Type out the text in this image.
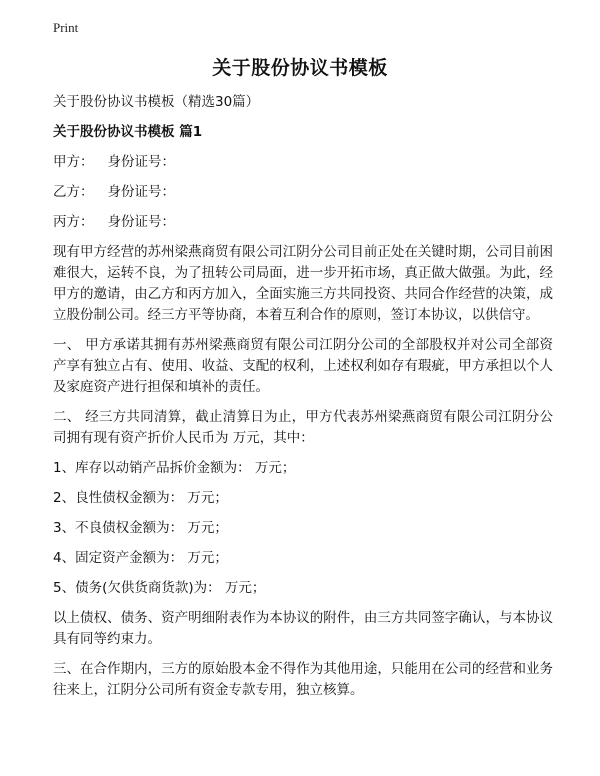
Print
关于股份协议书模板

关于股份协议书模板（精选30篇）

关于股份协议书模板 篇1

甲方： 身份证号：

乙方： 身份证号：

丙方： 身份证号：

现有甲方经营的苏州梁燕商贸有限公司江阴分公司目前正处在关键时期，公司目前困难很大，运转不良，为了扭转公司局面，进一步开拓市场，真正做大做强。为此，经甲方的邀请，由乙方和丙方加入，全面实施三方共同投资、共同合作经营的决策，成立股份制公司。经三方平等协商，本着互利合作的原则，签订本协议，以供信守。

一、 甲方承诺其拥有苏州梁燕商贸有限公司江阴分公司的全部股权并对公司全部资产享有独立占有、使用、收益、支配的权利，上述权利如存有瑕疵，甲方承担以个人及家庭资产进行担保和填补的责任。

二、 经三方共同清算，截止清算日为止，甲方代表苏州梁燕商贸有限公司江阴分公司拥有现有资产折价人民币为 万元，其中：

1、库存以动销产品拆价金额为： 万元；

2、良性债权金额为： 万元；

3、不良债权金额为： 万元；

4、固定资产金额为： 万元；

5、债务(欠供货商货款)为： 万元；

以上债权、债务、资产明细附表作为本协议的附件，由三方共同签字确认，与本协议具有同等约束力。

三、在合作期内，三方的原始股本金不得作为其他用途，只能用在公司的经营和业务往来上，江阴分公司所有资金专款专用，独立核算。
